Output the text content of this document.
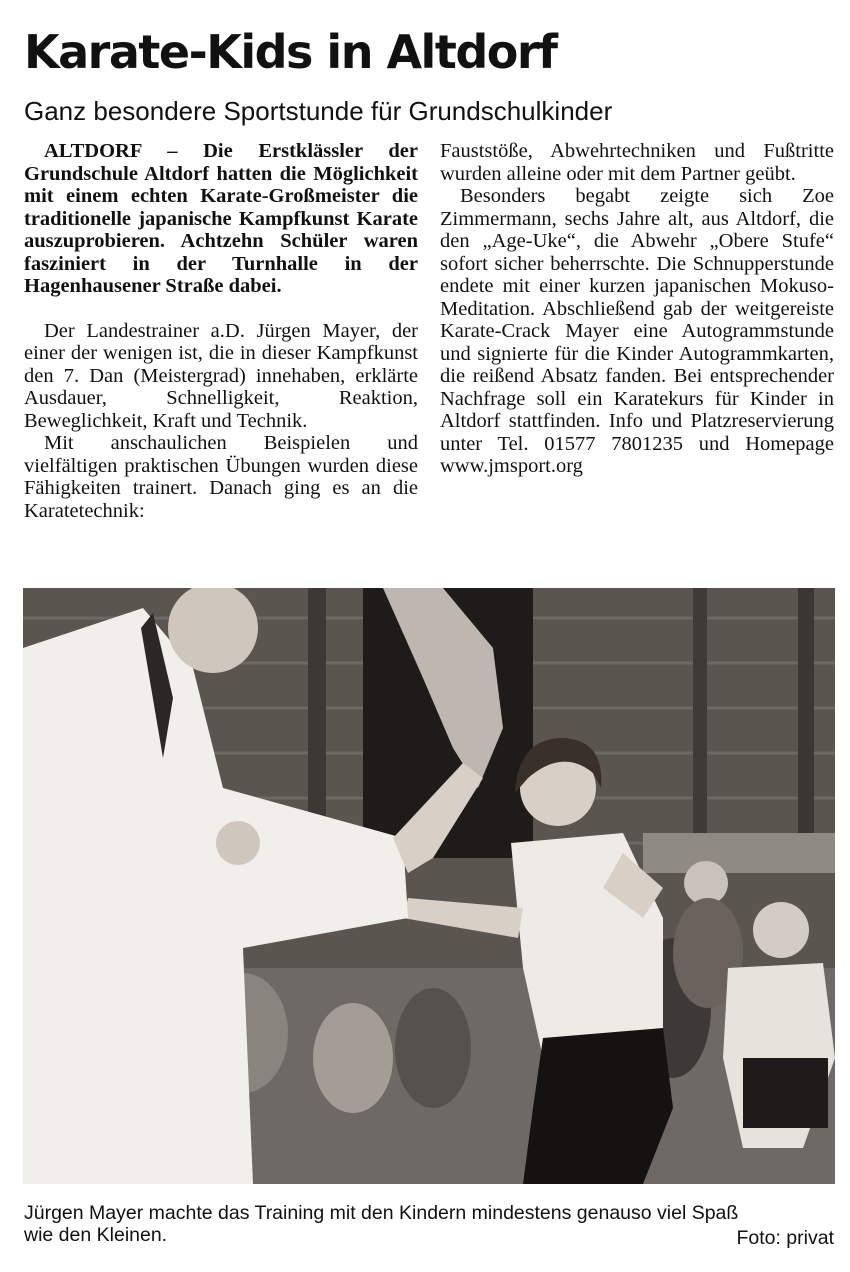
Karate-Kids in Altdorf
Ganz besondere Sportstunde für Grundschulkinder

ALTDORF – Die Erstklässler der Grundschule Altdorf hatten die Möglichkeit mit einem echten Karate-Großmeister die traditionelle japanische Kampfkunst Karate auszuprobieren. Achtzehn Schüler waren fasziniert in der Turnhalle in der Hagenhausener Straße dabei.

Der Landestrainer a.D. Jürgen Mayer, der einer der wenigen ist, die in dieser Kampfkunst den 7. Dan (Meistergrad) innehaben, erklärte Ausdauer, Schnelligkeit, Reaktion, Beweglichkeit, Kraft und Technik.

Mit anschaulichen Beispielen und vielfältigen praktischen Übungen wurden diese Fähigkeiten trainert. Danach ging es an die Karatetechnik:

Fauststöße, Abwehrtechniken und Fußtritte wurden alleine oder mit dem Partner geübt.

Besonders begabt zeigte sich Zoe Zimmermann, sechs Jahre alt, aus Altdorf, die den „Age-Uke“, die Abwehr „Obere Stufe“ sofort sicher beherrschte. Die Schnupperstunde endete mit einer kurzen japanischen Mokuso-Meditation. Abschließend gab der weitgereiste Karate-Crack Mayer eine Autogrammstunde und signierte für die Kinder Autogrammkarten, die reißend Absatz fanden. Bei entsprechender Nachfrage soll ein Karatekurs für Kinder in Altdorf stattfinden. Info und Platzreservierung unter Tel. 01577 7801235 und Homepage www.jmsport.org

Jürgen Mayer machte das Training mit den Kindern mindestens genauso viel Spaß
wie den Kleinen.	Foto: privat
